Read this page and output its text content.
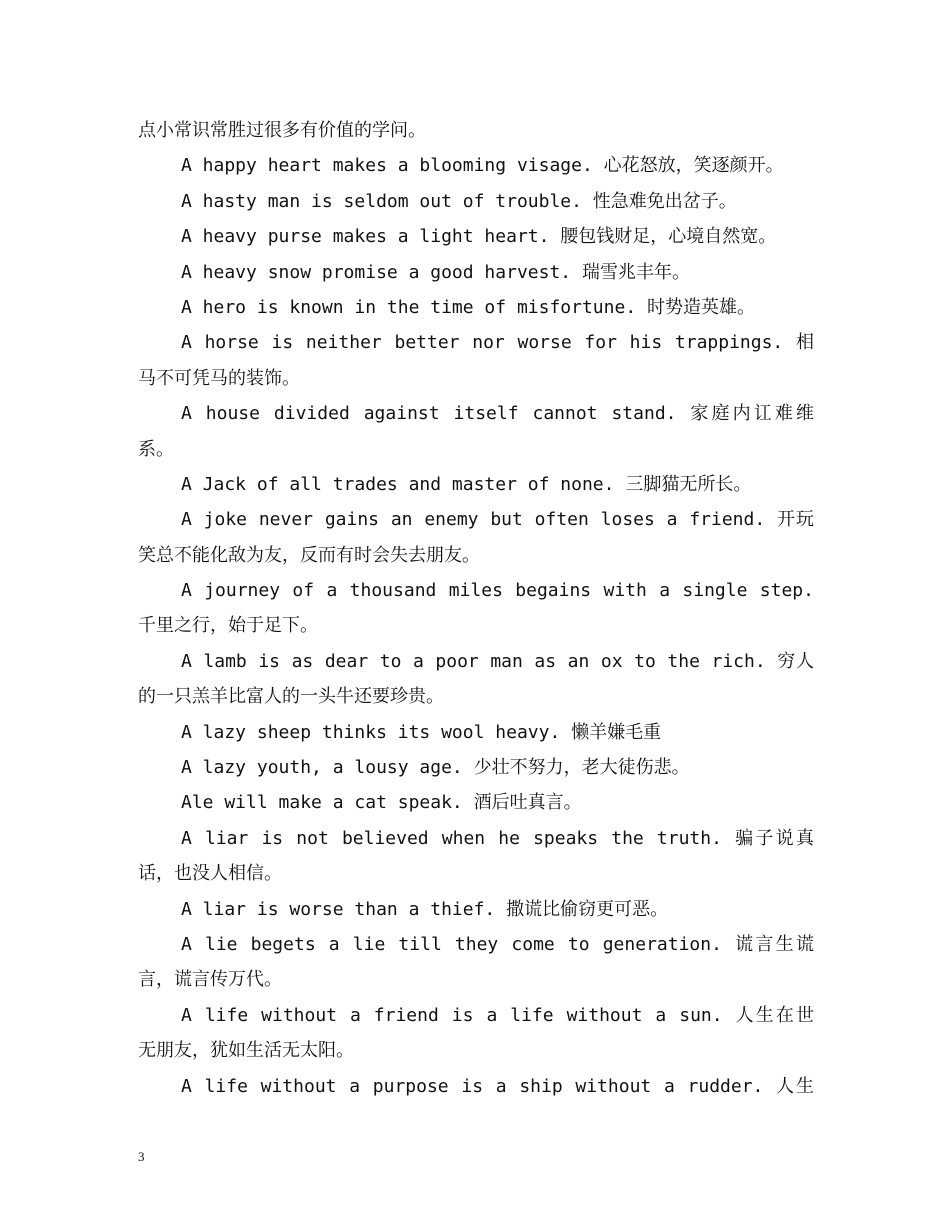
点小常识常胜过很多有价值的学问。
A happy heart makes a blooming visage. 心花怒放，笑逐颜开。
A hasty man is seldom out of trouble. 性急难免出岔子。
A heavy purse makes a light heart. 腰包钱财足，心境自然宽。
A heavy snow promise a good harvest. 瑞雪兆丰年。
A hero is known in the time of misfortune. 时势造英雄。
A horse is neither better nor worse for his trappings. 相
马不可凭马的装饰。
A house divided against itself cannot stand. 家庭内讧难维
系。
A Jack of all trades and master of none. 三脚猫无所长。
A joke never gains an enemy but often loses a friend. 开玩
笑总不能化敌为友，反而有时会失去朋友。
A journey of a thousand miles begains with a single step.
千里之行，始于足下。
A lamb is as dear to a poor man as an ox to the rich. 穷人
的一只羔羊比富人的一头牛还要珍贵。
A lazy sheep thinks its wool heavy. 懒羊嫌毛重
A lazy youth, a lousy age. 少壮不努力，老大徒伤悲。
Ale will make a cat speak. 酒后吐真言。
A liar is not believed when he speaks the truth. 骗子说真
话，也没人相信。
A liar is worse than a thief. 撒谎比偷窃更可恶。
A lie begets a lie till they come to generation. 谎言生谎
言，谎言传万代。
A life without a friend is a life without a sun. 人生在世
无朋友，犹如生活无太阳。
A life without a purpose is a ship without a rudder. 人生
3
